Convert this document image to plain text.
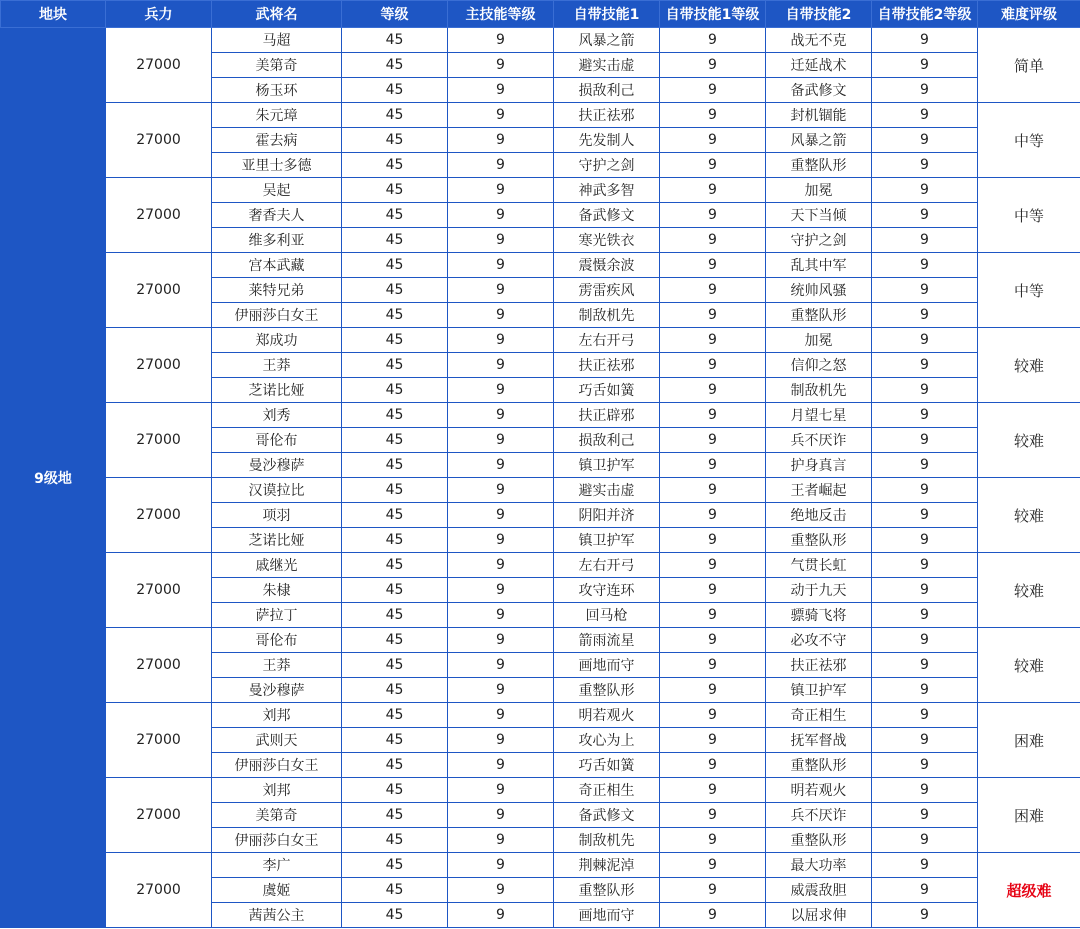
地块	兵力	武将名	等级	主技能等级	自带技能1	自带技能1等级	自带技能2	自带技能2等级	难度评级
9级地	27000	马超	45	9	风暴之箭	9	战无不克	9	简单
		美第奇	45	9	避实击虚	9	迁延战术	9	
		杨玉环	45	9	损敌利己	9	备武修文	9	
	27000	朱元璋	45	9	扶正祛邪	9	封机锢能	9	中等
		霍去病	45	9	先发制人	9	风暴之箭	9	
		亚里士多德	45	9	守护之剑	9	重整队形	9	
	27000	吴起	45	9	神武多智	9	加冕	9	中等
		奢香夫人	45	9	备武修文	9	天下当倾	9	
		维多利亚	45	9	寒光铁衣	9	守护之剑	9	
	27000	宫本武藏	45	9	震慑余波	9	乱其中军	9	中等
		莱特兄弟	45	9	雳雷疾风	9	统帅风骚	9	
		伊丽莎白女王	45	9	制敌机先	9	重整队形	9	
	27000	郑成功	45	9	左右开弓	9	加冕	9	较难
		王莽	45	9	扶正祛邪	9	信仰之怒	9	
		芝诺比娅	45	9	巧舌如簧	9	制敌机先	9	
	27000	刘秀	45	9	扶正辟邪	9	月望七星	9	较难
		哥伦布	45	9	损敌利己	9	兵不厌诈	9	
		曼沙穆萨	45	9	镇卫护军	9	护身真言	9	
	27000	汉谟拉比	45	9	避实击虚	9	王者崛起	9	较难
		项羽	45	9	阴阳并济	9	绝地反击	9	
		芝诺比娅	45	9	镇卫护军	9	重整队形	9	
	27000	戚继光	45	9	左右开弓	9	气贯长虹	9	较难
		朱棣	45	9	攻守连环	9	动于九天	9	
		萨拉丁	45	9	回马枪	9	骠骑飞将	9	
	27000	哥伦布	45	9	箭雨流星	9	必攻不守	9	较难
		王莽	45	9	画地而守	9	扶正祛邪	9	
		曼沙穆萨	45	9	重整队形	9	镇卫护军	9	
	27000	刘邦	45	9	明若观火	9	奇正相生	9	困难
		武则天	45	9	攻心为上	9	抚军督战	9	
		伊丽莎白女王	45	9	巧舌如簧	9	重整队形	9	
	27000	刘邦	45	9	奇正相生	9	明若观火	9	困难
		美第奇	45	9	备武修文	9	兵不厌诈	9	
		伊丽莎白女王	45	9	制敌机先	9	重整队形	9	
	27000	李广	45	9	荆棘泥淖	9	最大功率	9	超级难
		虞姬	45	9	重整队形	9	威震敌胆	9	
		茜茜公主	45	9	画地而守	9	以屈求伸	9	
